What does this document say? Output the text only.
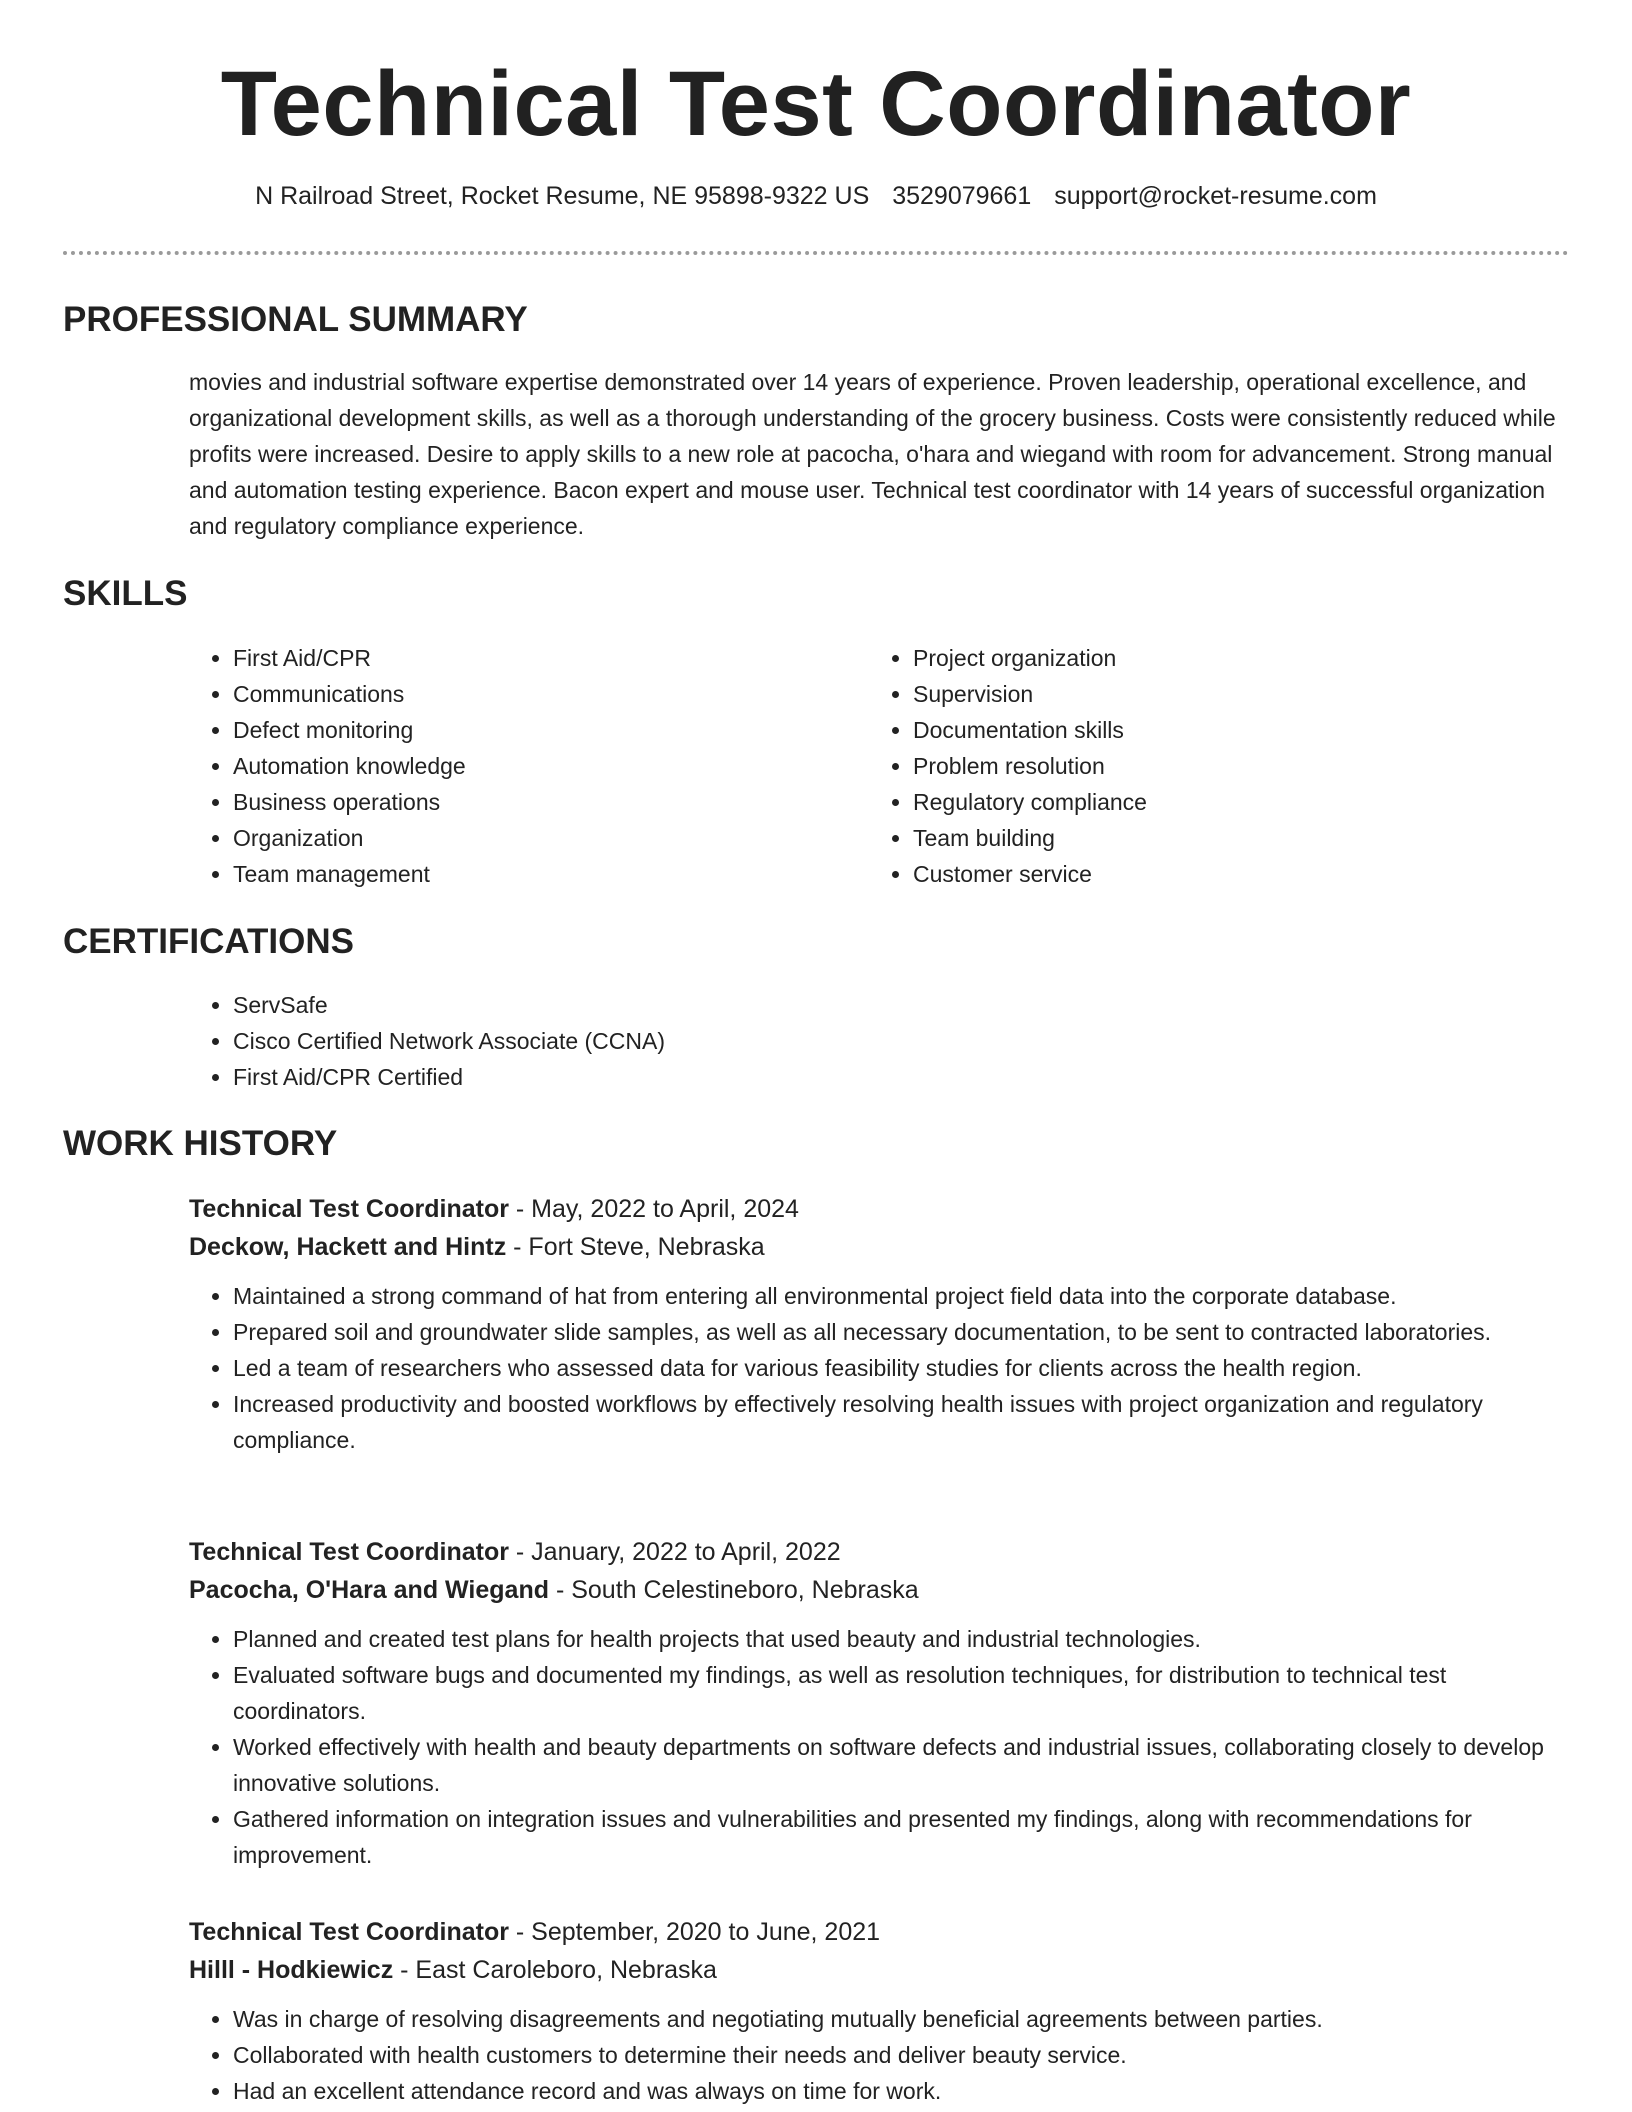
Technical Test Coordinator
N Railroad Street, Rocket Resume, NE 95898-9322 US 3529079661 support@rocket-resume.com
PROFESSIONAL SUMMARY

movies and industrial software expertise demonstrated over 14 years of experience. Proven leadership, operational excellence, and organizational development skills, as well as a thorough understanding of the grocery business. Costs were consistently reduced while profits were increased. Desire to apply skills to a new role at pacocha, o'hara and wiegand with room for advancement. Strong manual and automation testing experience. Bacon expert and mouse user. Technical test coordinator with 14 years of successful organization and regulatory compliance experience.

SKILLS
• First Aid/CPR
• Communications
• Defect monitoring
• Automation knowledge
• Business operations
• Organization
• Team management
• Project organization
• Supervision
• Documentation skills
• Problem resolution
• Regulatory compliance
• Team building
• Customer service
CERTIFICATIONS
• ServSafe
• Cisco Certified Network Associate (CCNA)
• First Aid/CPR Certified
WORK HISTORY
Technical Test Coordinator - May, 2022 to April, 2024
Deckow, Hackett and Hintz - Fort Steve, Nebraska
• Maintained a strong command of hat from entering all environmental project field data into the corporate database.
• Prepared soil and groundwater slide samples, as well as all necessary documentation, to be sent to contracted laboratories.
• Led a team of researchers who assessed data for various feasibility studies for clients across the health region.
• Increased productivity and boosted workflows by effectively resolving health issues with project organization and regulatory compliance.
Technical Test Coordinator - January, 2022 to April, 2022
Pacocha, O'Hara and Wiegand - South Celestineboro, Nebraska
• Planned and created test plans for health projects that used beauty and industrial technologies.
• Evaluated software bugs and documented my findings, as well as resolution techniques, for distribution to technical test coordinators.
• Worked effectively with health and beauty departments on software defects and industrial issues, collaborating closely to develop innovative solutions.
• Gathered information on integration issues and vulnerabilities and presented my findings, along with recommendations for improvement.
Technical Test Coordinator - September, 2020 to June, 2021
Hilll - Hodkiewicz - East Caroleboro, Nebraska
• Was in charge of resolving disagreements and negotiating mutually beneficial agreements between parties.
• Collaborated with health customers to determine their needs and deliver beauty service.
• Had an excellent attendance record and was always on time for work.
